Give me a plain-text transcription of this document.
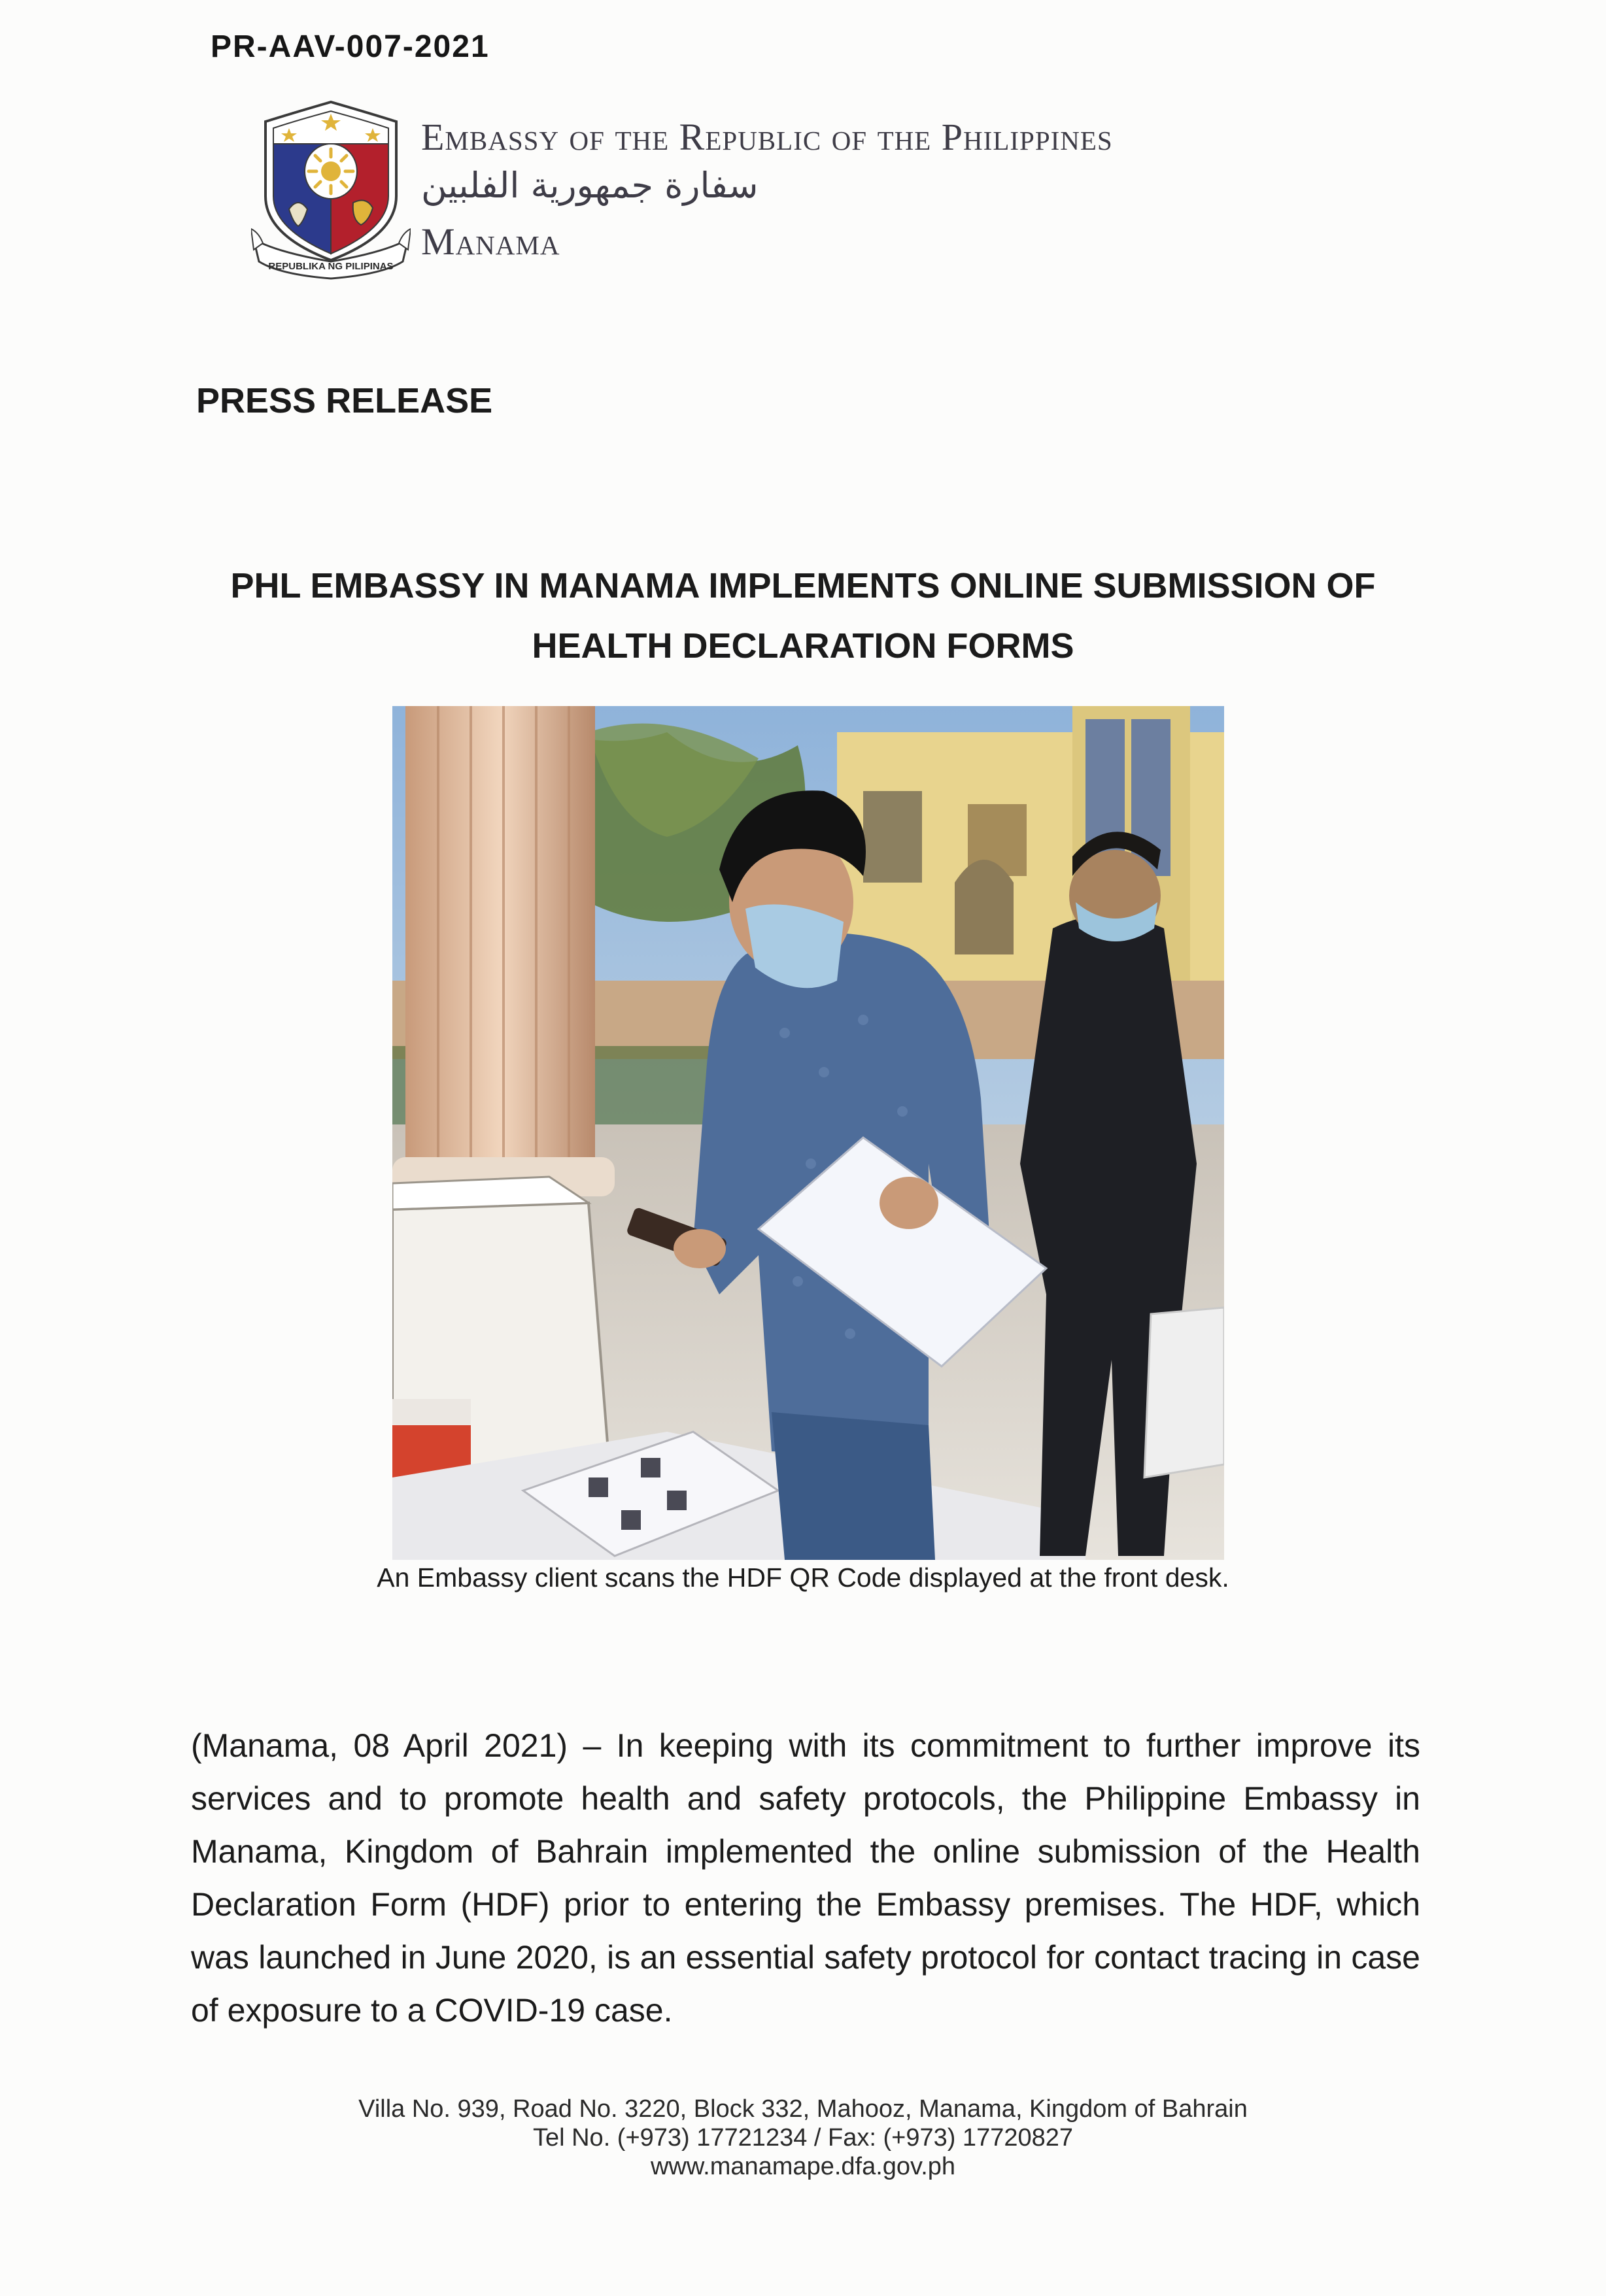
PR-AAV-007-2021
REPUBLIKA NG PILIPINAS
Embassy of the Republic of the Philippines
سفارة جمهورية الفلبين
Manama
PRESS RELEASE
PHL EMBASSY IN MANAMA IMPLEMENTS ONLINE SUBMISSION OF
HEALTH DECLARATION FORMS
An Embassy client scans the HDF QR Code displayed at the front desk.

(Manama, 08 April 2021) – In keeping with its commitment to further improve its services and to promote health and safety protocols, the Philippine Embassy in Manama, Kingdom of Bahrain implemented the online submission of the Health Declaration Form (HDF) prior to entering the Embassy premises. The HDF, which was launched in June 2020, is an essential safety protocol for contact tracing in case of exposure to a COVID-19 case.

Villa No. 939, Road No. 3220, Block 332, Mahooz, Manama, Kingdom of Bahrain
Tel No. (+973) 17721234 / Fax: (+973) 17720827
www.manamape.dfa.gov.ph
